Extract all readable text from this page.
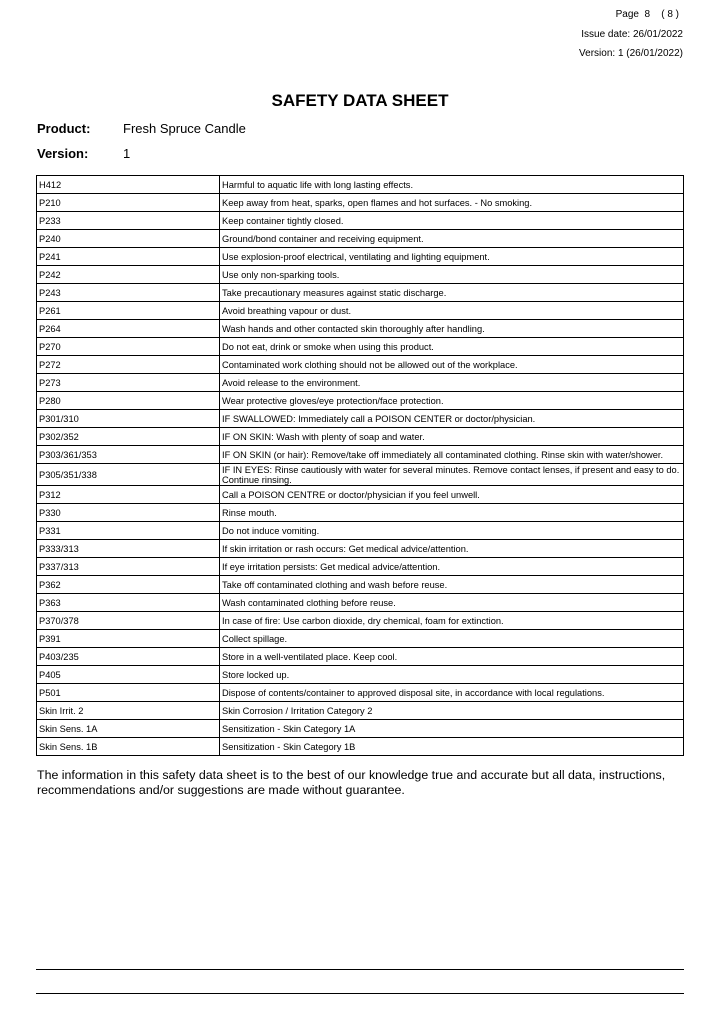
Page  8    ( 8 )
Issue date: 26/01/2022
Version: 1 (26/01/2022)
SAFETY DATA SHEET
Product:	Fresh Spruce Candle
Version:	1
H412	Harmful to aquatic life with long lasting effects.
P210	Keep away from heat, sparks, open flames and hot surfaces. - No smoking.
P233	Keep container tightly closed.
P240	Ground/bond container and receiving equipment.
P241	Use explosion-proof electrical, ventilating and lighting equipment.
P242	Use only non-sparking tools.
P243	Take precautionary measures against static discharge.
P261	Avoid breathing vapour or dust.
P264	Wash hands and other contacted skin thoroughly after handling.
P270	Do not eat, drink or smoke when using this product.
P272	Contaminated work clothing should not be allowed out of the workplace.
P273	Avoid release to the environment.
P280	Wear protective gloves/eye protection/face protection.
P301/310	IF SWALLOWED: Immediately call a POISON CENTER or doctor/physician.
P302/352	IF ON SKIN: Wash with plenty of soap and water.
P303/361/353	IF ON SKIN (or hair): Remove/take off immediately all contaminated clothing. Rinse skin with water/shower.
P305/351/338	IF IN EYES: Rinse cautiously with water for several minutes. Remove contact lenses, if present and easy to do. Continue rinsing.
P312	Call a POISON CENTRE or doctor/physician if you feel unwell.
P330	Rinse mouth.
P331	Do not induce vomiting.
P333/313	If skin irritation or rash occurs: Get medical advice/attention.
P337/313	If eye irritation persists: Get medical advice/attention.
P362	Take off contaminated clothing and wash before reuse.
P363	Wash contaminated clothing before reuse.
P370/378	In case of fire: Use carbon dioxide, dry chemical, foam for extinction.
P391	Collect spillage.
P403/235	Store in a well-ventilated place. Keep cool.
P405	Store locked up.
P501	Dispose of contents/container to approved disposal site, in accordance with local regulations.
Skin Irrit. 2	Skin Corrosion / Irritation Category 2
Skin Sens. 1A	Sensitization - Skin Category 1A
Skin Sens. 1B	Sensitization - Skin Category 1B
The information in this safety data sheet is to the best of our knowledge true and accurate but all data, instructions, recommendations and/or suggestions are made without guarantee.
